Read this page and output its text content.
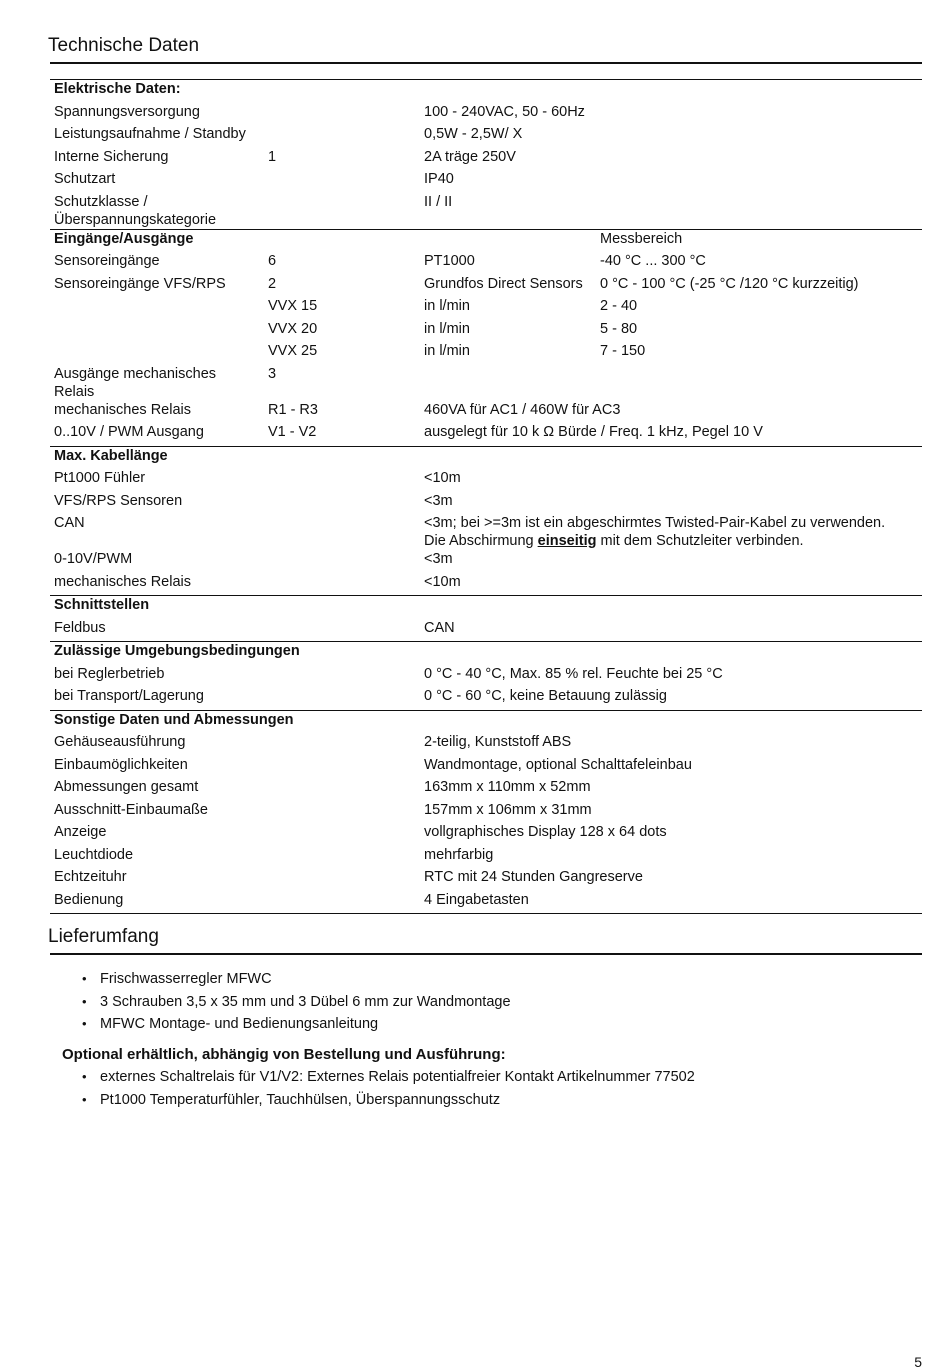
Technische Daten
Elektrische Daten:			
Spannungsversorgung		100 - 240VAC, 50 - 60Hz	
Leistungsaufnahme / Standby		0,5W - 2,5W/ X	
Interne Sicherung	1	2A träge 250V	
Schutzart		IP40	
Schutzklasse / Überspannungskategorie		II / II	
Eingänge/Ausgänge			Messbereich
Sensoreingänge	6	PT1000	-40 °C ... 300 °C
Sensoreingänge VFS/RPS	2	Grundfos Direct Sensors	0 °C - 100 °C (-25 °C /120 °C kurzzeitig)
	VVX 15	in l/min	2 - 40
	VVX 20	in l/min	5 - 80
	VVX 25	in l/min	7 - 150
Ausgänge mechanisches Relais	3		
mechanisches Relais	R1 - R3	460VA für AC1 / 460W für AC3	
0..10V / PWM Ausgang	V1 - V2	ausgelegt für 10 k Ω Bürde / Freq. 1 kHz, Pegel 10 V	
Max. Kabellänge			
Pt1000 Fühler		<10m	
VFS/RPS Sensoren		<3m	
CAN		<3m; bei >=3m ist ein abgeschirmtes Twisted-Pair-Kabel zu verwenden.
Die Abschirmung einseitig mit dem Schutzleiter verbinden.	

0-10V/PWM		<3m	
mechanisches Relais		<10m	
Schnittstellen			
Feldbus		CAN	
Zulässige Umgebungsbedingungen			
bei Reglerbetrieb		0 °C - 40 °C, Max. 85 % rel. Feuchte bei 25 °C	
bei Transport/Lagerung		0 °C - 60 °C, keine Betauung zulässig	
Sonstige Daten und Abmessungen			
Gehäuseausführung		2-teilig, Kunststoff ABS	
Einbaumöglichkeiten		Wandmontage, optional Schalttafeleinbau	
Abmessungen gesamt		163mm x 110mm x 52mm	
Ausschnitt-Einbaumaße		157mm x 106mm x 31mm	
Anzeige		vollgraphisches Display 128 x 64 dots	
Leuchtdiode		mehrfarbig	
Echtzeituhr		RTC mit 24 Stunden Gangreserve	
Bedienung		4 Eingabetasten	
Lieferumfang
• Frischwasserregler MFWC
• 3 Schrauben 3,5 x 35 mm und 3 Dübel 6 mm zur Wandmontage
• MFWC Montage- und Bedienungsanleitung
Optional erhältlich, abhängig von Bestellung und Ausführung:
• externes Schaltrelais für V1/V2: Externes Relais potentialfreier Kontakt Artikelnummer 77502
• Pt1000 Temperaturfühler, Tauchhülsen, Überspannungsschutz
5
